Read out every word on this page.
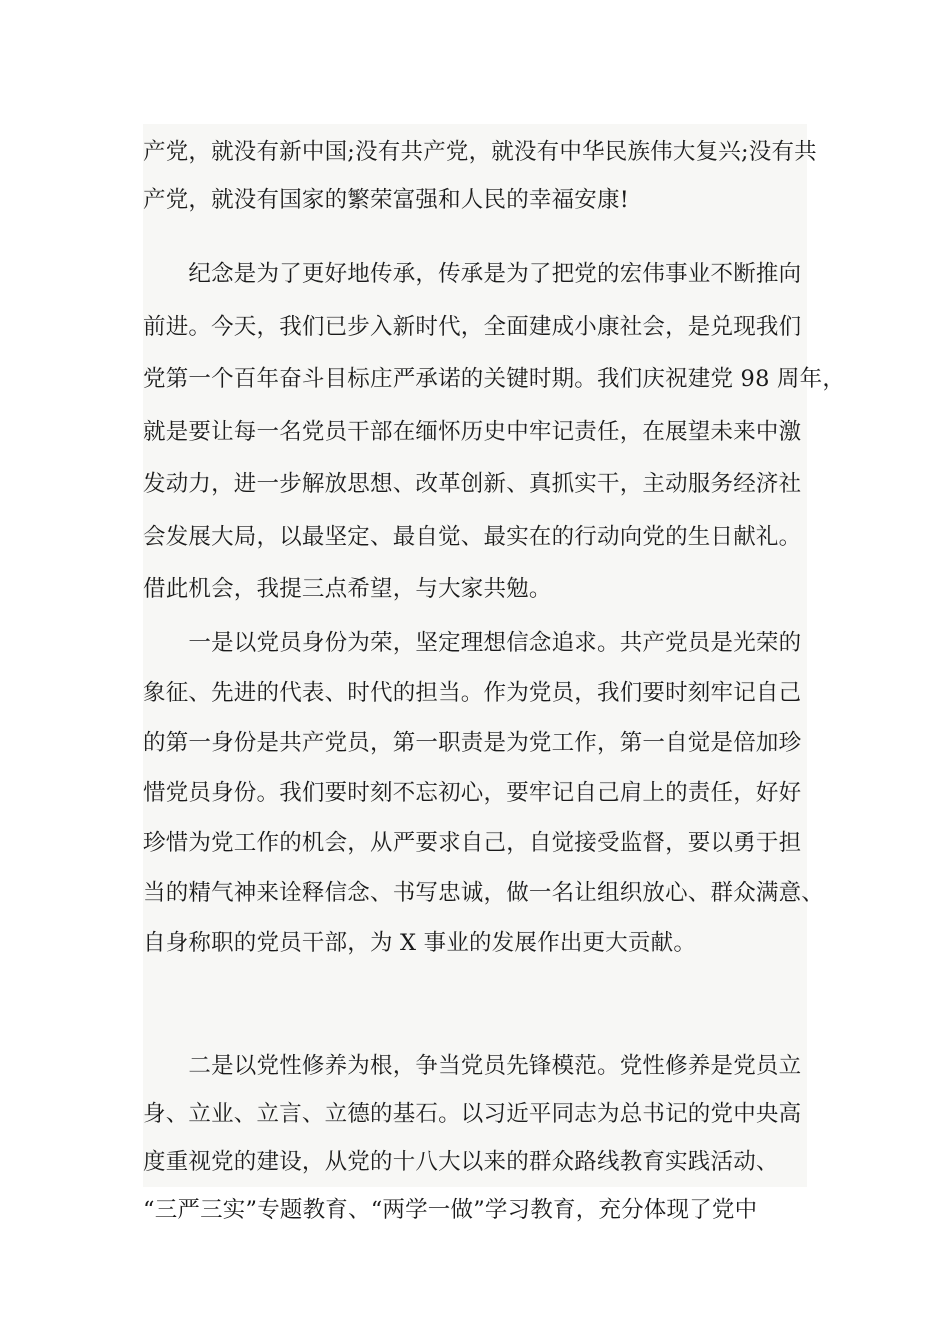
产党，就没有新中国;没有共产党，就没有中华民族伟大复兴;没有共
产党，就没有国家的繁荣富强和人民的幸福安康!
　　纪念是为了更好地传承，传承是为了把党的宏伟事业不断推向
前进。今天，我们已步入新时代，全面建成小康社会，是兑现我们
党第一个百年奋斗目标庄严承诺的关键时期。我们庆祝建党 98 周年，
就是要让每一名党员干部在缅怀历史中牢记责任，在展望未来中激
发动力，进一步解放思想、改革创新、真抓实干，主动服务经济社
会发展大局，以最坚定、最自觉、最实在的行动向党的生日献礼。
借此机会，我提三点希望，与大家共勉。
　　一是以党员身份为荣，坚定理想信念追求。共产党员是光荣的
象征、先进的代表、时代的担当。作为党员，我们要时刻牢记自己
的第一身份是共产党员，第一职责是为党工作，第一自觉是倍加珍
惜党员身份。我们要时刻不忘初心，要牢记自己肩上的责任，好好
珍惜为党工作的机会，从严要求自己，自觉接受监督，要以勇于担
当的精气神来诠释信念、书写忠诚，做一名让组织放心、群众满意、
自身称职的党员干部，为 X 事业的发展作出更大贡献。
　　二是以党性修养为根，争当党员先锋模范。党性修养是党员立
身、立业、立言、立德的基石。以习近平同志为总书记的党中央高
度重视党的建设，从党的十八大以来的群众路线教育实践活动、
“三严三实”专题教育、“两学一做”学习教育，充分体现了党中
